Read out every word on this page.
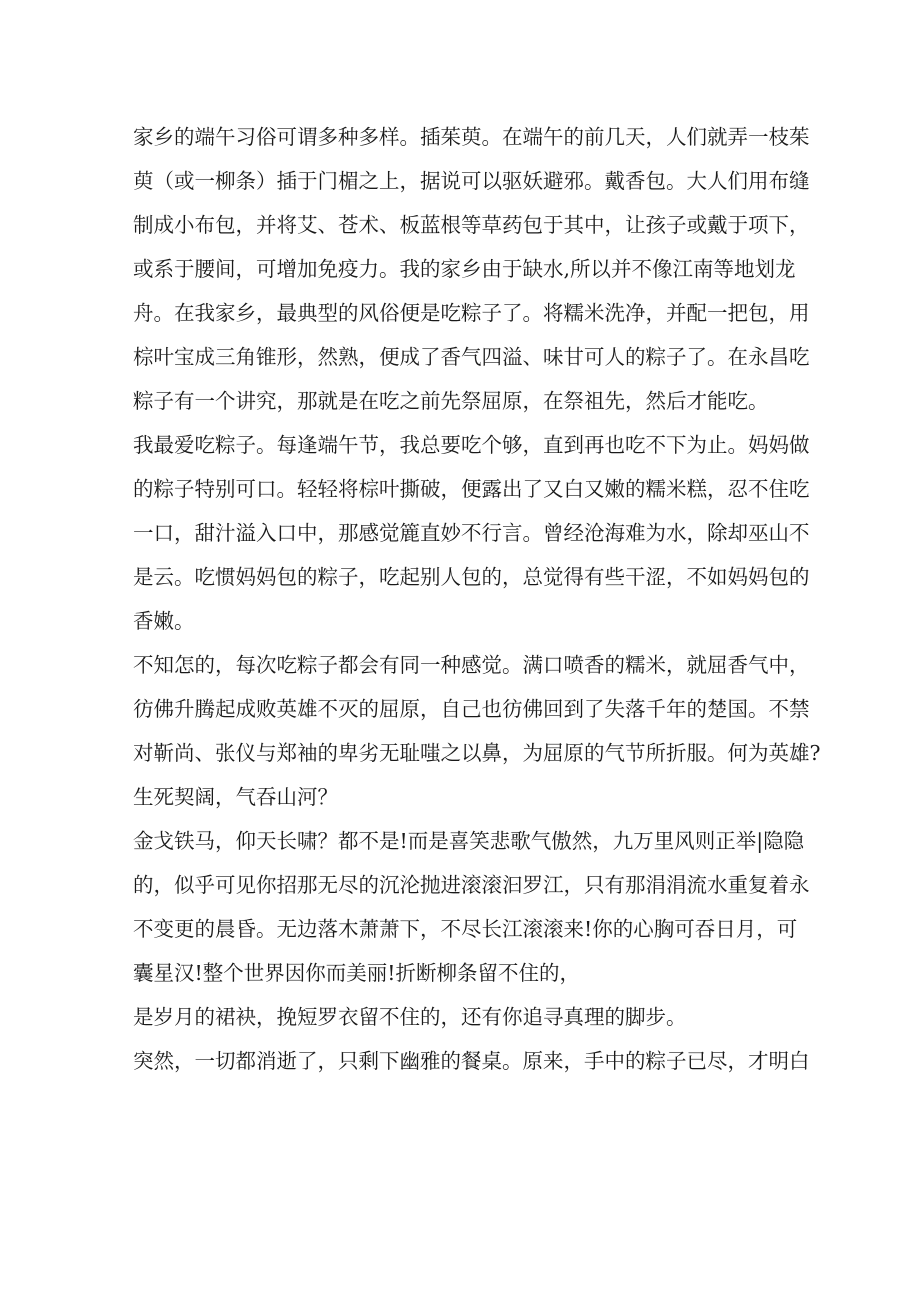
家乡的端午习俗可谓多种多样。插茱萸。在端午的前几天，人们就弄一枝茱
萸（或一柳条）插于门楣之上，据说可以驱妖避邪。戴香包。大人们用布缝
制成小布包，并将艾、苍术、板蓝根等草药包于其中，让孩子或戴于项下，
或系于腰间，可增加免疫力。我的家乡由于缺水,所以并不像江南等地划龙
舟。在我家乡，最典型的风俗便是吃粽子了。将糯米洗净，并配一把包，用
棕叶宝成三角锥形，然熟，便成了香气四溢、味甘可人的粽子了。在永昌吃
粽子有一个讲究，那就是在吃之前先祭屈原，在祭祖先，然后才能吃。
我最爱吃粽子。每逢端午节，我总要吃个够，直到再也吃不下为止。妈妈做
的粽子特别可口。轻轻将棕叶撕破，便露出了又白又嫩的糯米糕，忍不住吃
一口，甜汁溢入口中，那感觉簏直妙不行言。曾经沧海难为水，除却巫山不
是云。吃惯妈妈包的粽子，吃起别人包的，总觉得有些干涩，不如妈妈包的
香嫩。
不知怎的，每次吃粽子都会有同一种感觉。满口喷香的糯米，就屈香气中，
彷佛升腾起成败英雄不灭的屈原，自己也彷佛回到了失落千年的楚国。不禁
对靳尚、张仪与郑袖的卑劣无耻嗤之以鼻，为屈原的气节所折服。何为英雄?
生死契阔，气吞山河？
金戈铁马，仰天长啸？都不是!而是喜笑悲歌气傲然，九万里风则正举|隐隐
的，似乎可见你招那无尽的沉沦抛进滚滚汩罗江，只有那涓涓流水重复着永
不变更的晨昏。无边落木萧萧下，不尽长江滚滚来!你的心胸可吞日月，可
囊星汉!整个世界因你而美丽!折断柳条留不住的，
是岁月的裙袂，挽短罗衣留不住的，还有你追寻真理的脚步。
突然，一切都消逝了，只剩下幽雅的餐桌。原来，手中的粽子已尽，才明白
